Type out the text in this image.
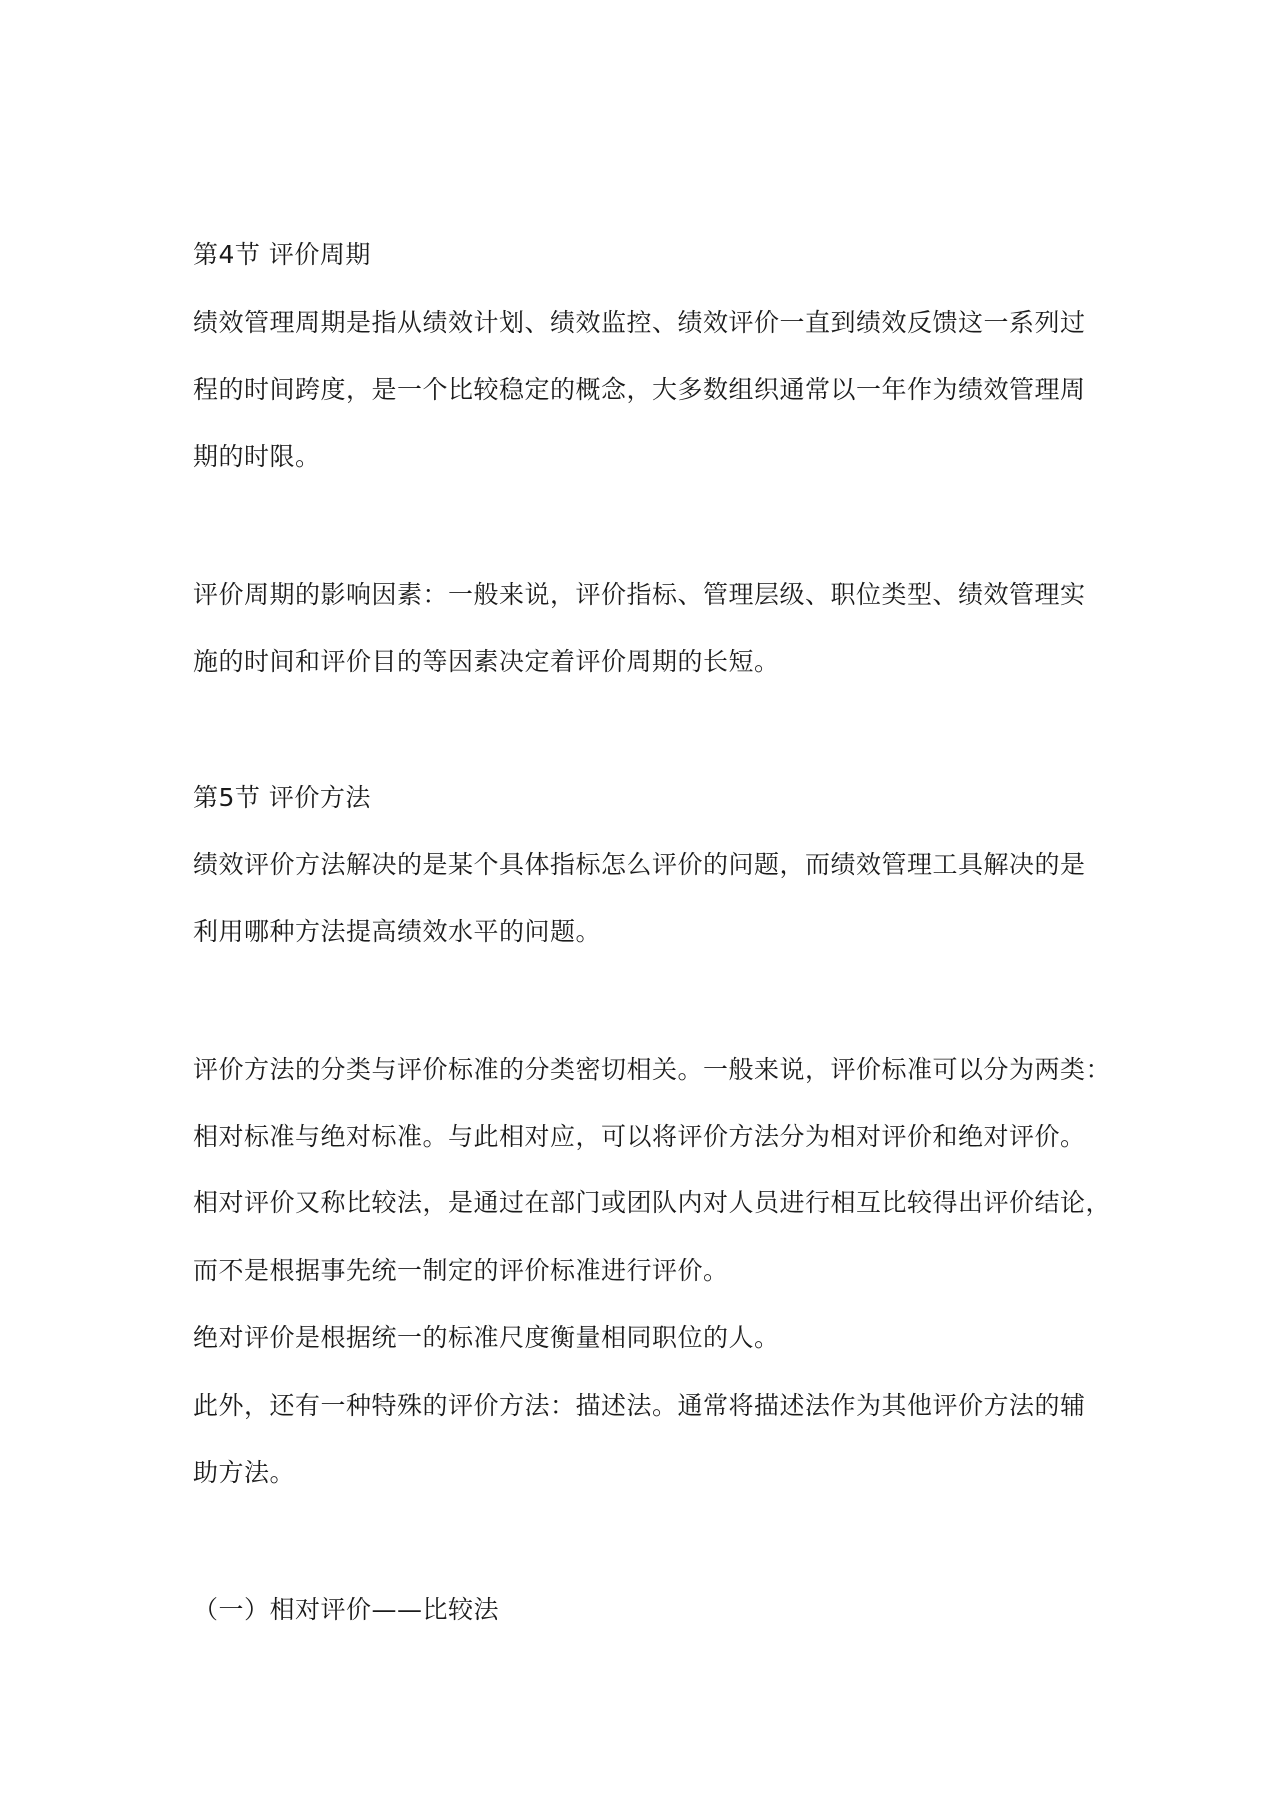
第4节 评价周期
绩效管理周期是指从绩效计划、绩效监控、绩效评价一直到绩效反馈这一系列过
程的时间跨度，是一个比较稳定的概念，大多数组织通常以一年作为绩效管理周
期的时限。
评价周期的影响因素：一般来说，评价指标、管理层级、职位类型、绩效管理实
施的时间和评价目的等因素决定着评价周期的长短。
第5节 评价方法
绩效评价方法解决的是某个具体指标怎么评价的问题，而绩效管理工具解决的是
利用哪种方法提高绩效水平的问题。
评价方法的分类与评价标准的分类密切相关。一般来说，评价标准可以分为两类：
相对标准与绝对标准。与此相对应，可以将评价方法分为相对评价和绝对评价。
相对评价又称比较法，是通过在部门或团队内对人员进行相互比较得出评价结论，
而不是根据事先统一制定的评价标准进行评价。
绝对评价是根据统一的标准尺度衡量相同职位的人。
此外，还有一种特殊的评价方法：描述法。通常将描述法作为其他评价方法的辅
助方法。
（一）相对评价——比较法
